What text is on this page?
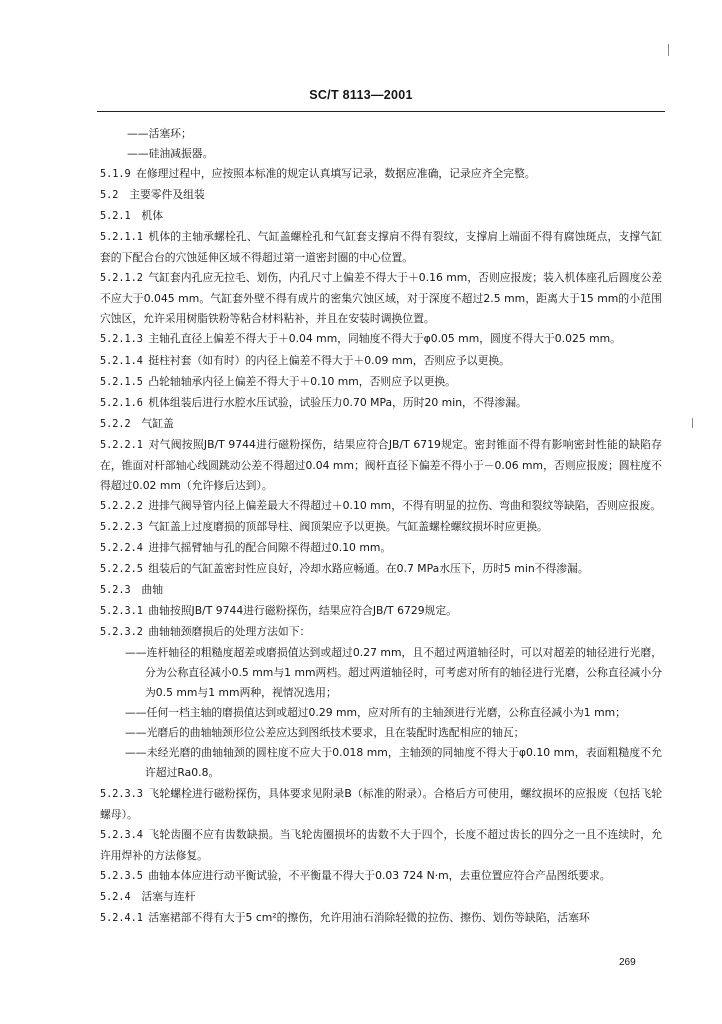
SC/T 8113—2001
——活塞环；
——硅油减振器。
5.1.9  在修理过程中，应按照本标准的规定认真填写记录，数据应准确，记录应齐全完整。
5.2  主要零件及组装
5.2.1  机体
5.2.1.1  机体的主轴承螺栓孔、气缸盖螺栓孔和气缸套支撑肩不得有裂纹，支撑肩上端面不得有腐蚀斑点，支撑气缸套的下配合台的穴蚀延伸区域不得超过第一道密封圈的中心位置。
5.2.1.2  气缸套内孔应无拉毛、划伤，内孔尺寸上偏差不得大于＋0.16 mm，否则应报废；装入机体座孔后圆度公差不应大于0.045 mm。气缸套外壁不得有成片的密集穴蚀区域，对于深度不超过2.5 mm，距离大于15 mm的小范围穴蚀区，允许采用树脂铁粉等粘合材料粘补，并且在安装时调换位置。
5.2.1.3  主轴孔直径上偏差不得大于＋0.04 mm，同轴度不得大于φ0.05 mm，圆度不得大于0.025 mm。
5.2.1.4  挺柱衬套（如有时）的内径上偏差不得大于＋0.09 mm，否则应予以更换。
5.2.1.5  凸轮轴轴承内径上偏差不得大于＋0.10 mm，否则应予以更换。
5.2.1.6  机体组装后进行水腔水压试验，试验压力0.70 MPa，历时20 min，不得渗漏。
5.2.2  气缸盖
5.2.2.1  对气阀按照JB/T 9744进行磁粉探伤，结果应符合JB/T 6719规定。密封锥面不得有影响密封性能的缺陷存在，锥面对杆部轴心线圆跳动公差不得超过0.04 mm；阀杆直径下偏差不得小于－0.06 mm，否则应报废；圆柱度不得超过0.02 mm（允许修后达到）。
5.2.2.2  进排气阀导管内径上偏差最大不得超过＋0.10 mm，不得有明显的拉伤、弯曲和裂纹等缺陷，否则应报废。
5.2.2.3  气缸盖上过度磨损的顶部导柱、阀顶架应予以更换。气缸盖螺栓螺纹损坏时应更换。
5.2.2.4  进排气摇臂轴与孔的配合间隙不得超过0.10 mm。
5.2.2.5  组装后的气缸盖密封性应良好，冷却水路应畅通。在0.7 MPa水压下，历时5 min不得渗漏。
5.2.3  曲轴
5.2.3.1  曲轴按照JB/T 9744进行磁粉探伤，结果应符合JB/T 6729规定。
5.2.3.2  曲轴轴颈磨损后的处理方法如下：
——连杆轴径的粗糙度超差或磨损值达到或超过0.27 mm，且不超过两道轴径时，可以对超差的轴径进行光磨，分为公称直径减小0.5 mm与1 mm两档。超过两道轴径时，可考虑对所有的轴径进行光磨，公称直径减小分为0.5 mm与1 mm两种，视情况选用；
——任何一档主轴的磨损值达到或超过0.29 mm，应对所有的主轴颈进行光磨，公称直径减小为1 mm；
——光磨后的曲轴轴颈形位公差应达到图纸技术要求，且在装配时选配相应的轴瓦；
——未经光磨的曲轴轴颈的圆柱度不应大于0.018 mm，主轴颈的同轴度不得大于φ0.10 mm，表面粗糙度不允许超过Ra0.8。
5.2.3.3  飞轮螺栓进行磁粉探伤，具体要求见附录B（标准的附录）。合格后方可使用，螺纹损坏的应报废（包括飞轮螺母）。
5.2.3.4  飞轮齿圈不应有齿数缺损。当飞轮齿圈损坏的齿数不大于四个，长度不超过齿长的四分之一且不连续时，允许用焊补的方法修复。
5.2.3.5  曲轴本体应进行动平衡试验，不平衡量不得大于0.03 724 N·m，去重位置应符合产品图纸要求。
5.2.4  活塞与连杆
5.2.4.1  活塞裙部不得有大于5 cm²的擦伤，允许用油石消除轻微的拉伤、擦伤、划伤等缺陷，活塞环
269
